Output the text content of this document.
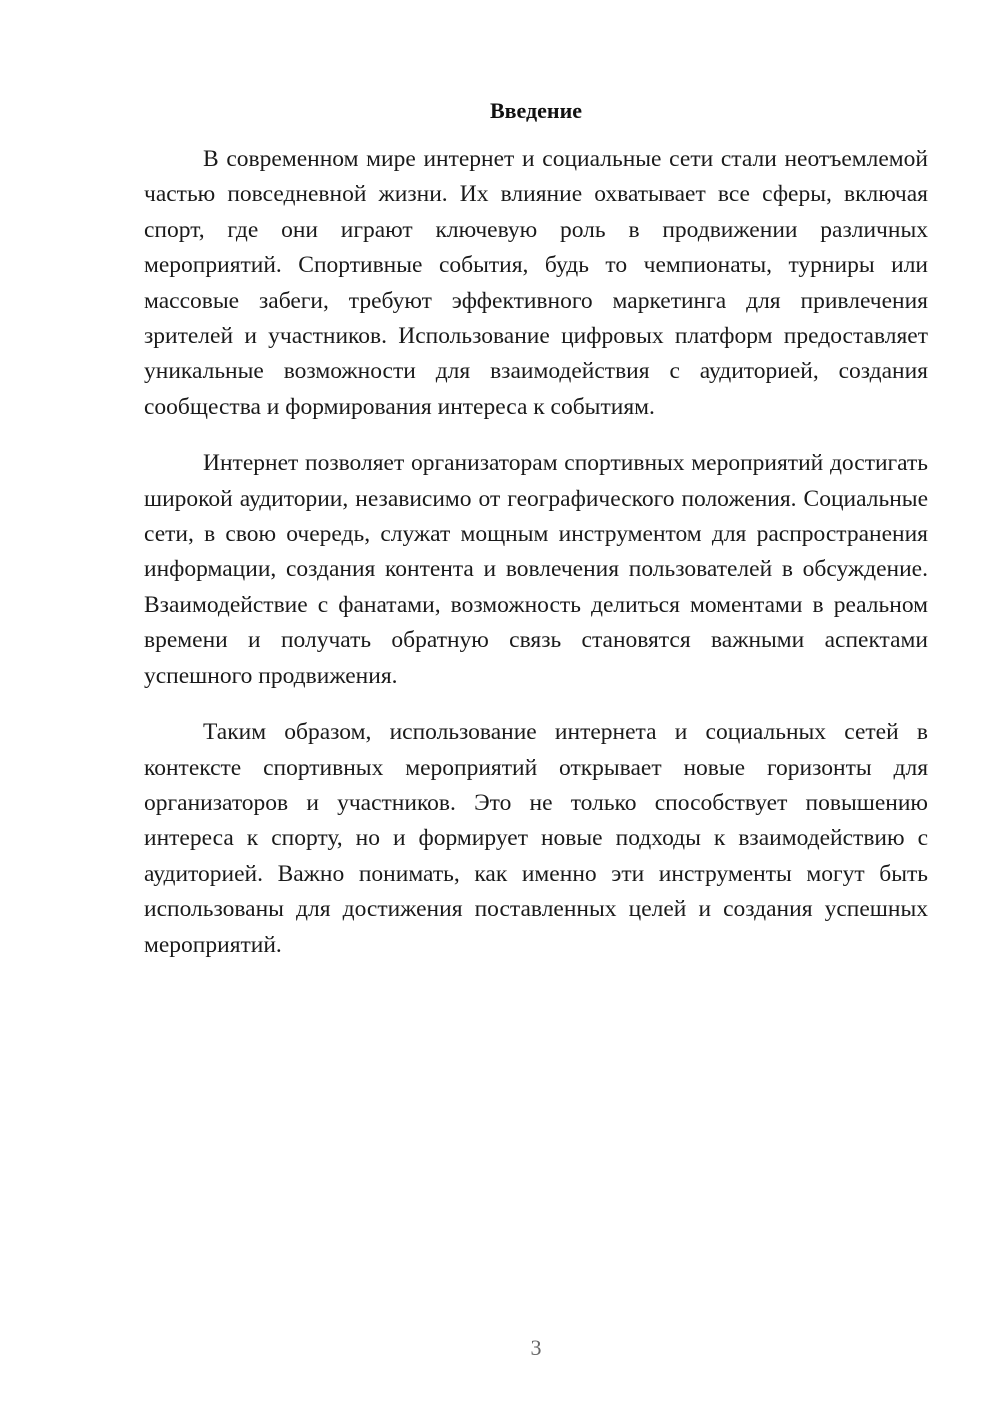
Введение

В современном мире интернет и социальные сети стали неотъемлемой частью повседневной жизни. Их влияние охватывает все сферы, включая спорт, где они играют ключевую роль в продвижении различных мероприятий. Спортивные события, будь то чемпионаты, турниры или массовые забеги, требуют эффективного маркетинга для привлечения зрителей и участников. Использование цифровых платформ предоставляет уникальные возможности для взаимодействия с аудиторией, создания сообщества и формирования интереса к событиям.

Интернет позволяет организаторам спортивных мероприятий достигать широкой аудитории, независимо от географического положения. Социальные сети, в свою очередь, служат мощным инструментом для распространения информации, создания контента и вовлечения пользователей в обсуждение. Взаимодействие с фанатами, возможность делиться моментами в реальном времени и получать обратную связь становятся важными аспектами успешного продвижения.

Таким образом, использование интернета и социальных сетей в контексте спортивных мероприятий открывает новые горизонты для организаторов и участников. Это не только способствует повышению интереса к спорту, но и формирует новые подходы к взаимодействию с аудиторией. Важно понимать, как именно эти инструменты могут быть использованы для достижения поставленных целей и создания успешных мероприятий.

3
